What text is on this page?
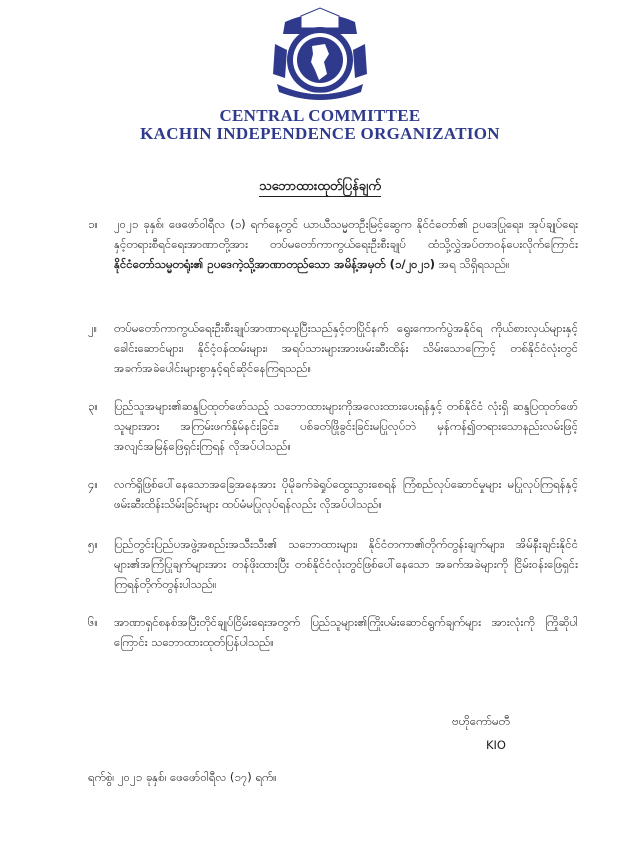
CENTRAL COMMITTEE
KACHIN INDEPENDENCE ORGANIZATION
သဘောထားထုတ်ပြန်ချက်
၁။	၂၀၂၁ ခုနှစ်၊ ဖေဖော်ဝါရီလ (၁) ရက်နေ့တွင် ယာယီသမ္မတဦးမြင့်ဆွေက နိုင်ငံတော်၏ ဥပဒေပြုရေး၊ အုပ်ချုပ်ရေးနှင့်တရားစီရင်ရေးအာဏာတို့အား တပ်မတော်ကာကွယ်ရေးဦးစီးချုပ် ထံသို့လွှဲအပ်တာဝန်ပေးလိုက်ကြောင်း နိုင်ငံတော်သမ္မတရုံး၏ ဥပဒေကဲ့သို့အာဏာတည်သော အမိန့်အမှတ် (၁/၂၀၂၁) အရ သိရှိရသည်။
၂။	တပ်မတော်ကာကွယ်ရေးဦးစီးချုပ်အာဏာရယူပြီးသည်နှင့်တပြိုင်နက် ရွေးကောက်ပွဲအနိုင်ရ ကိုယ်စားလှယ်များနှင့်ခေါင်းဆောင်များ၊ နိုင်ငံ့ဝန်ထမ်းများ၊ အရပ်သားများအားဖမ်းဆီးထိန်း သိမ်းသောကြောင့် တစ်နိုင်ငံလုံးတွင်အခက်အခဲပေါင်းများစွာနှင့်ရင်ဆိုင်နေကြရသည်။
၃။	ပြည်သူအများ၏ဆန္ဒပြထုတ်ဖော်သည့် သဘောထားများကိုအလေးထားပေးရန်နှင့် တစ်နိုင်ငံ လုံးရှိ ဆန္ဒပြထုတ်ဖော်သူများအား အကြမ်းဖက်နှိမ်နင်းခြင်း၊ ပစ်ခတ်ဖြိုခွင်းခြင်းမပြုလုပ်ဘဲ မှန်ကန်၍တရားသောနည်းလမ်းဖြင့် အလျင်အမြန်ဖြေရှင်းကြရန် လိုအပ်ပါသည်။
၄။	လက်ရှိဖြစ်ပေါ်နေသောအခြေအနေအား ပိုမိုခက်ခဲရှုပ်ထွေးသွားစေရန် ကြံစည်လုပ်ဆောင်မှုများ မပြုလုပ်ကြရန်နှင့် ဖမ်းဆီးထိန်းသိမ်းခြင်းများ ထပ်မံမပြုလုပ်ရန်လည်း လိုအပ်ပါသည်။
၅။	ပြည်တွင်းပြည်ပအဖွဲ့အစည်းအသီးသီး၏ သဘောထားများ၊ နိုင်ငံတကာ၏တိုက်တွန်းချက်များ၊ အိမ်နီးချင်းနိုင်ငံများ၏အကြံပြုချက်များအား တန်ဖိုးထားပြီး တစ်နိုင်ငံလုံးတွင်ဖြစ်ပေါ်နေသော အခက်အခဲများကို ငြိမ်းဝန်းဖြေရှင်းကြရန်တိုက်တွန်းပါသည်။
၆။	အာဏာရှင်စနစ်အပြီးတိုင်ချုပ်ငြိမ်းရေးအတွက် ပြည်သူများ၏ကြိုးပမ်းဆောင်ရွက်ချက်များ အားလုံးကို ကြိုဆိုပါကြောင်း သဘောထားထုတ်ပြန်ပါသည်။
ဗဟိုကော်မတီ
KIO
ရက်စွဲ၊ ၂၀၂၁ ခုနှစ်၊ ဖေဖော်ဝါရီလ (၁၇) ရက်။
